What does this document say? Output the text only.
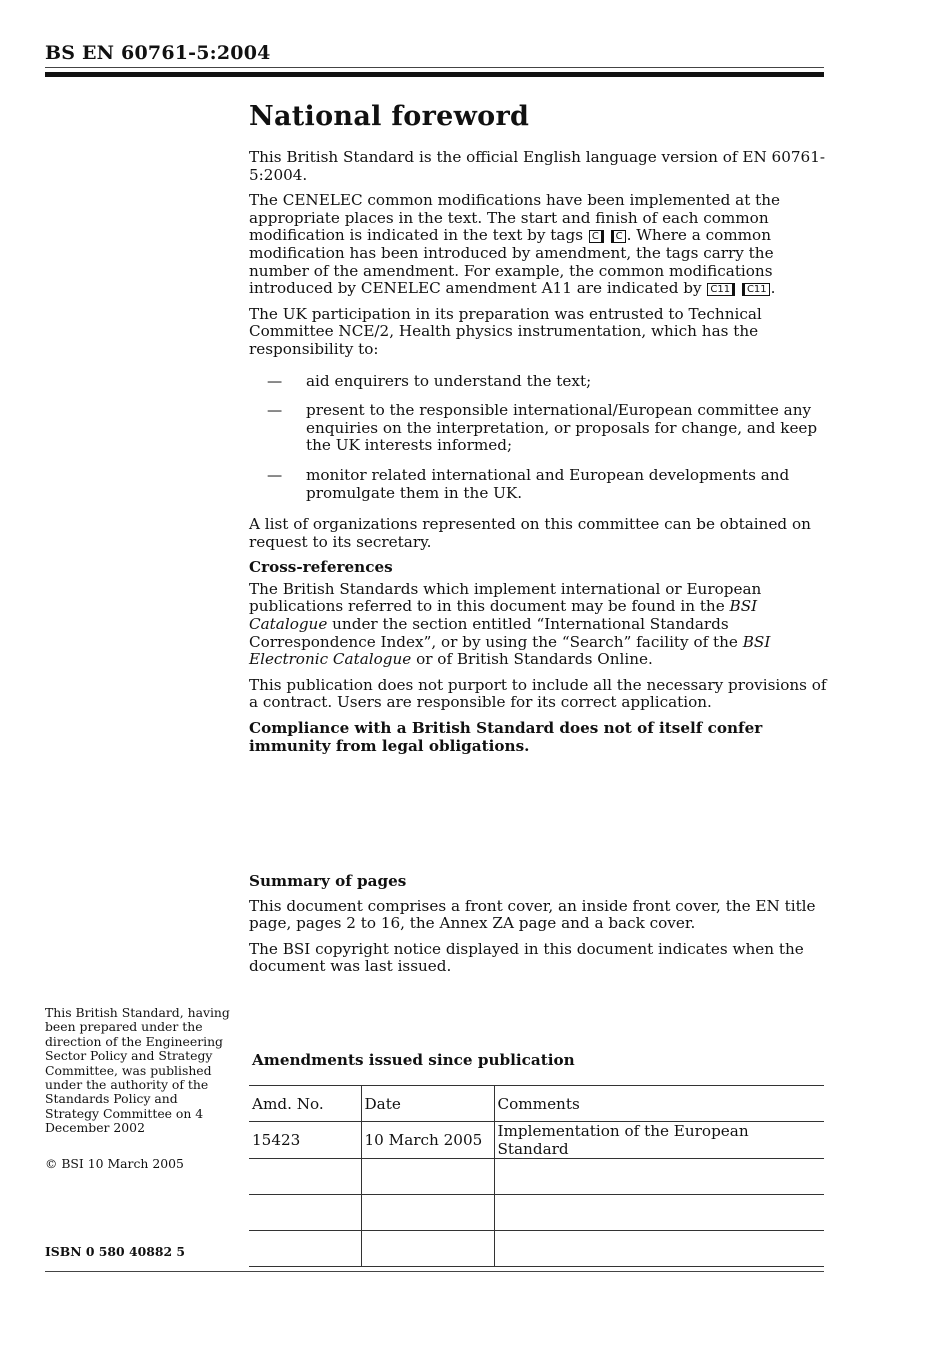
BS EN 60761-5:2004
National foreword

This British Standard is the official English language version of EN 60761-5:2004.

The CENELEC common modifications have been implemented at the appropriate places in the text. The start and finish of each common modification is indicated in the text by tags C C . Where a common modification has been introduced by amendment, the tags carry the number of the amendment. For example, the common modifications introduced by CENELEC amendment A11 are indicated by C11 C11 .

The UK participation in its preparation was entrusted to Technical Committee NCE/2, Health physics instrumentation, which has the responsibility to:

— aid enquirers to understand the text;
— present to the responsible international/European committee any enquiries on the interpretation, or proposals for change, and keep the UK interests informed;
— monitor related international and European developments and promulgate them in the UK.

A list of organizations represented on this committee can be obtained on request to its secretary.

Cross-references

The British Standards which implement international or European publications referred to in this document may be found in the BSI Catalogue under the section entitled “International Standards Correspondence Index”, or by using the “Search” facility of the BSI Electronic Catalogue or of British Standards Online.

This publication does not purport to include all the necessary provisions of a contract. Users are responsible for its correct application.

Compliance with a British Standard does not of itself confer immunity from legal obligations.

Summary of pages

This document comprises a front cover, an inside front cover, the EN title page, pages 2 to 16, the Annex ZA page and a back cover.

The BSI copyright notice displayed in this document indicates when the document was last issued.

This British Standard, having been prepared under the direction of the Engineering Sector Policy and Strategy Committee, was published under the authority of the Standards Policy and Strategy Committee on 4 December 2002
© BSI 10 March 2005
ISBN 0 580 40882 5
Amendments issued since publication
Amd. No.	Date	Comments
15423	10 March 2005	Implementation of the European Standard
